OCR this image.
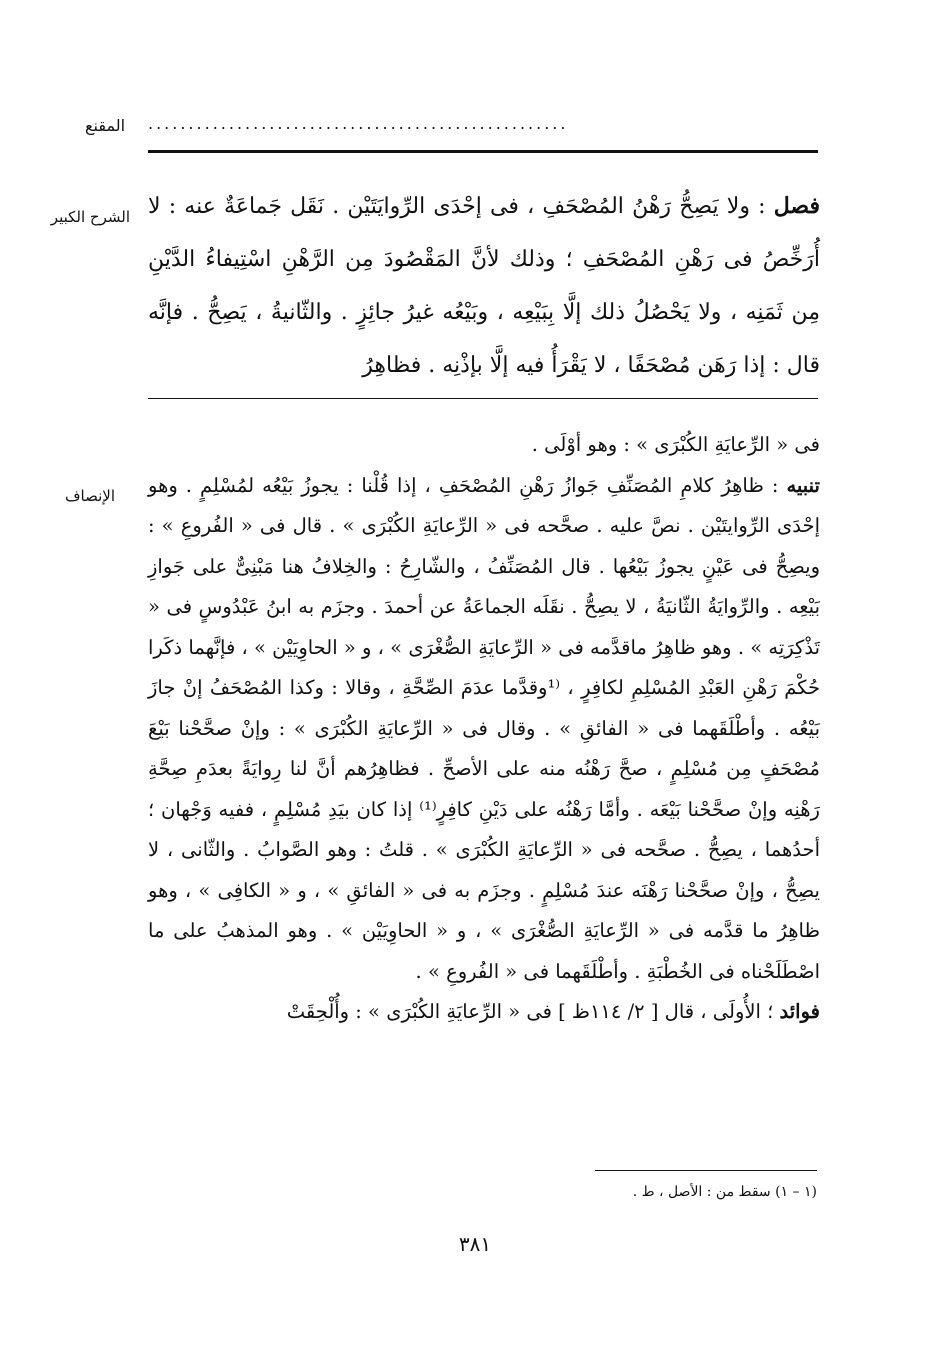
المقنع ....................................................
الشرح الكبير	فصل : ولا يَصِحُّ رَهْنُ المُصْحَفِ ، فى إحْدَى الرِّوايَتَيْن . نَقَل جَماعَةٌ عنه : لا أُرَخِّصُ فى رَهْنِ المُصْحَفِ ؛ وذلك لأنَّ المَقْصُودَ مِن الرَّهْنِ اسْتِيفاءُ الدَّيْنِ مِن ثَمَنِه ، ولا يَحْصُلُ ذلك إلَّا بِبَيْعِه ، وبَيْعُه غيرُ جائِزٍ . والثّانيةُ ، يَصِحُّ . فإنَّه قال : إذا رَهَن مُصْحَفًا ، لا يَقْرَأُ فيه إلَّا بإذْنِه . فظاهِرُ

الإنصاف

فى « الرِّعايَةِ الكُبْرَى » : وهو أوْلَى .

تنبيه : ظاهِرُ كلامِ المُصَنِّفِ جَوازُ رَهْنِ المُصْحَفِ ، إذا قُلْنا : يجوزُ بَيْعُه لمُسْلِمٍ . وهو إحْدَى الرِّوايتَيْن . نصَّ عليه . صحَّحه فى « الرِّعايَةِ الكُبْرَى » . قال فى « الفُروعِ » : ويصِحُّ فى عَيْنٍ يجوزُ بَيْعُها . قال المُصَنِّفُ ، والشّارِحُ : والخِلافُ هنا مَبْنِىٌّ على جَوازِ بَيْعِه . والرِّوايَةُ الثّانيَةُ ، لا يصِحُّ . نقَلَه الجماعَةُ عن أحمدَ . وجزَم به ابنُ عَبْدُوسٍ فى « تَذْكِرَتِه » . وهو ظاهِرُ ماقدَّمه فى « الرِّعايَةِ الصُّغْرَى » ، و « الحاوِيَيْن » ، فإنَّهما ذكَرا حُكْمَ رَهْنِ العَبْدِ المُسْلِمِ لكافِرٍ ، ⁽¹وقدَّما عدَمَ الصِّحَّةِ ، وقالا : وكذا المُصْحَفُ إنْ جازَ بَيْعُه . وأطْلَقَهما فى « الفائقِ » . وقال فى « الرِّعايَةِ الكُبْرَى » : وإنْ صحَّحْنا بَيْعَ مُصْحَفٍ مِن مُسْلِمٍ ، صحَّ رَهْنُه منه على الأصحِّ . فظاهِرُهم أنَّ لنا رِوايَةً بعدَمِ صِحَّةِ رَهْنِه وإنْ صحَّحْنا بَيْعَه . وأمَّا رَهْنُه على دَيْنِ كافِرٍ⁽¹⁾ إذا كان بيَدِ مُسْلِمٍ ، ففيه وَجْهان ؛ أحدُهما ، يصِحُّ . صحَّحه فى « الرِّعايَةِ الكُبْرَى » . قلتُ : وهو الصَّوابُ . والثّانى ، لا يصِحُّ ، وإنْ صحَّحْنا رَهْنَه عندَ مُسْلِمٍ . وجزَم به فى « الفائقِ » ، و « الكافِى » ، وهو ظاهِرُ ما قدَّمه فى « الرِّعايَةِ الصُّغْرَى » ، و « الحاوِيَيْن » . وهو المذهبُ على ما اصْطَلَحْناه فى الخُطْبَةِ . وأطْلَقَهما فى « الفُروعِ » .

فوائد ؛ الأُولَى ، قال [ ٢/ ١١٤ظ ] فى « الرِّعايَةِ الكُبْرَى » : وأُلْحِقَتْ

(١ – ١) سقط من : الأصل ، ط .
٣٨١
